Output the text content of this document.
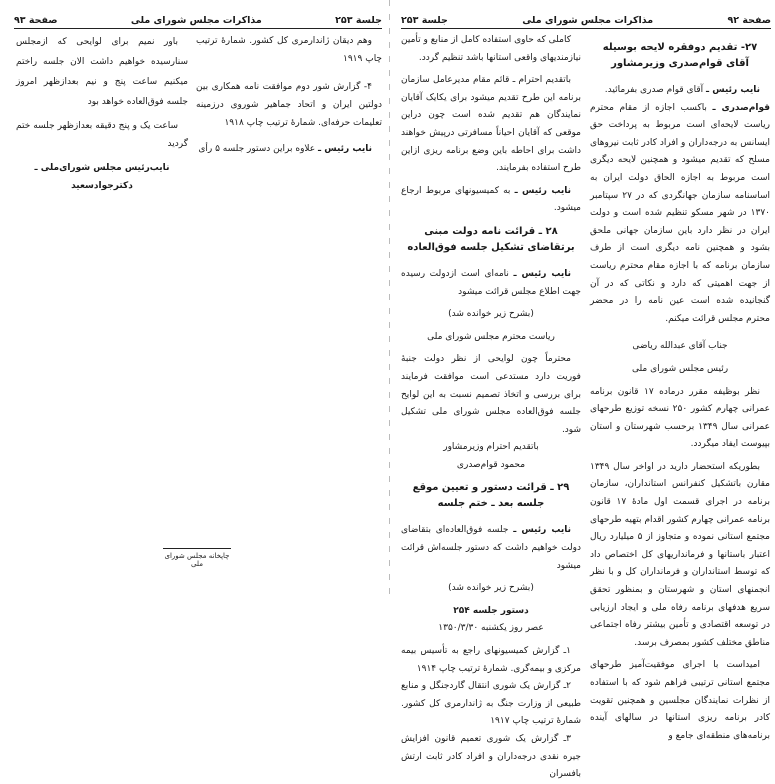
جلسة ۲۵۳
مذاکرات مجلس شورای ملی
صفحة ۹۳

وهم دیقان ژاندارمری کل کشور. شمارهٔ ترتیب چاپ ۱۹۱۹

۴- گزارش شور دوم موافقت نامه همکاری بین دولتین ایران و اتحاد جماهیر شوروی درزمینه تعلیمات حرفه‌ای. شمارهٔ ترتیب چاپ ۱۹۱۸

نایب رئیس ـ علاوه براین دستور جلسه ۵ رأی

باور نمیم برای لوایحی که ازمجلس سنارسیده خواهیم داشت الان جلسه راختم میکنیم ساعت پنج و نیم بعدازظهر امروز جلسه فوق‌العاده خواهد بود

ساعت یک و پنج دقیقه بعدازظهر جلسه ختم گردید

نایب‌رئیس مجلس شورای‌ملی ـ دکترجوادسعید

چاپخانه مجلس شورای ملی
صفحة ۹۲
مذاکرات مجلس شورای ملی
جلسة ۲۵۳

۲۷- تقدیم دوفقره لایحه بوسیله آقای قوام‌صدری وزیرمشاور

نایب رئیس ـ آقای قوام صدری بفرمائید.

قوام‌صدری ـ باکسب اجازه از مقام محترم ریاست لایحه‌ای است مربوط به پرداخت حق ایسانس به درجه‌داران و افراد کادر ثابت نیروهای مسلح که تقدیم میشود و همچنین لایحه دیگری است مربوط به اجازه الحاق دولت ایران به اساسنامه سازمان جهانگردی که در ۲۷ سپتامبر ۱۳۷۰ در شهر مسکو تنظیم شده است و دولت ایران در نظر دارد باین سازمان جهانی ملحق بشود و همچنین نامه دیگری است از طرف سازمان برنامه که با اجازه مقام محترم ریاست از جهت اهمیتی که دارد و نکاتی که در آن گنجانیده شده است عین نامه را در محضر محترم مجلس قرائت میکنم.

جناب آقای عبدالله ریاضی

رئیس مجلس شورای ملی

نظر بوظیفه مقرر درماده ۱۷ قانون برنامه عمرانی چهارم کشور ۲۵۰ نسخه توزیع طرحهای عمرانی سال ۱۳۴۹ برحسب شهرستان و استان بپیوست ایفاد میگردد.

بطوریکه استحضار دارید در اواخر سال ۱۳۴۹ مقارن باتشکیل کنفرانس استانداران، سازمان برنامه در اجرای قسمت اول مادهٔ ۱۷ قانون برنامه عمرانی چهارم کشور اقدام بتهیه طرحهای مجتمع استانی نموده و متجاوز از ۵ میلیارد ریال اعتبار باستانها و فرمانداریهای کل اختصاص داد که توسط استانداران و فرمانداران کل و با نظر انجمنهای استان و شهرستان و بمنظور تحقق سریع هدفهای برنامه رفاه ملی و ایجاد ارزیابی در توسعه اقتصادی و تأمین بیشتر رفاه اجتماعی مناطق مختلف کشور بمصرف برسد.

امیداست با اجرای موفقیت‌آمیز طرحهای مجتمع استانی ترتیبی فراهم شود که با استفاده از نظرات نمایندگان مجلسین و همچنین تقویت کادر برنامه ریزی استانها در سالهای آینده برنامه‌های منطقه‌ای جامع و

کاملی که حاوی استفاده کامل از منابع و تأمین نیازمندیهای واقعی استانها باشد تنظیم گردد.

باتقدیم احترام ـ قائم مقام مدیرعامل سازمان برنامه این طرح تقدیم میشود برای یکایک آقایان نمایندگان هم تقدیم شده است چون دراین موقعی که آقایان احیاناً مسافرتی درپیش خواهند داشت برای احاطه باین وضع برنامه ریزی ازاین طرح استفاده بفرمایند.

نایب رئیس ـ به کمیسیونهای مربوط ارجاع میشود.

۲۸ ـ قرائت نامه دولت مبنی برتقاضای تشکیل جلسه فوق‌العاده

نایب رئیس ـ نامه‌ای است ازدولت رسیده جهت اطلاع مجلس قرائت میشود

(بشرح زیر خوانده شد)

ریاست محترم مجلس شورای ملی

محترماً چون لوایحی از نظر دولت جنبهٔ فوریت دارد مستدعی است موافقت فرمایند برای بررسی و اتخاذ تصمیم نسبت به این لوایح جلسه فوق‌العاده مجلس شورای ملی تشکیل شود.

باتقدیم احترام وزیرمشاور

محمود قوام‌صدری

۲۹ ـ قرائت دستور و تعیین موقع جلسه بعد ـ ختم جلسه

نایب رئیس ـ جلسه فوق‌العاده‌ای بتقاضای دولت خواهیم داشت که دستور جلسه‌اش قرائت میشود

(بشرح زیر خوانده شد)

دستور جلسه ۲۵۴

عصر روز یکشنبه ۱۳۵۰/۳/۳۰

۱ـ گزارش کمیسیونهای راجع به تأسیس بیمه مرکزی و بیمه‌گری. شمارهٔ ترتیب چاپ ۱۹۱۴

۲ـ گزارش یک شوری انتقال گاردجنگل و منابع طبیعی از وزارت جنگ به ژاندارمری کل کشور. شمارهٔ ترتیب چاپ ۱۹۱۷

۳ـ گزارش یک شوری تعمیم قانون افزایش جیره نقدی درجه‌داران و افراد کادر ثابت ارتش بافسران
